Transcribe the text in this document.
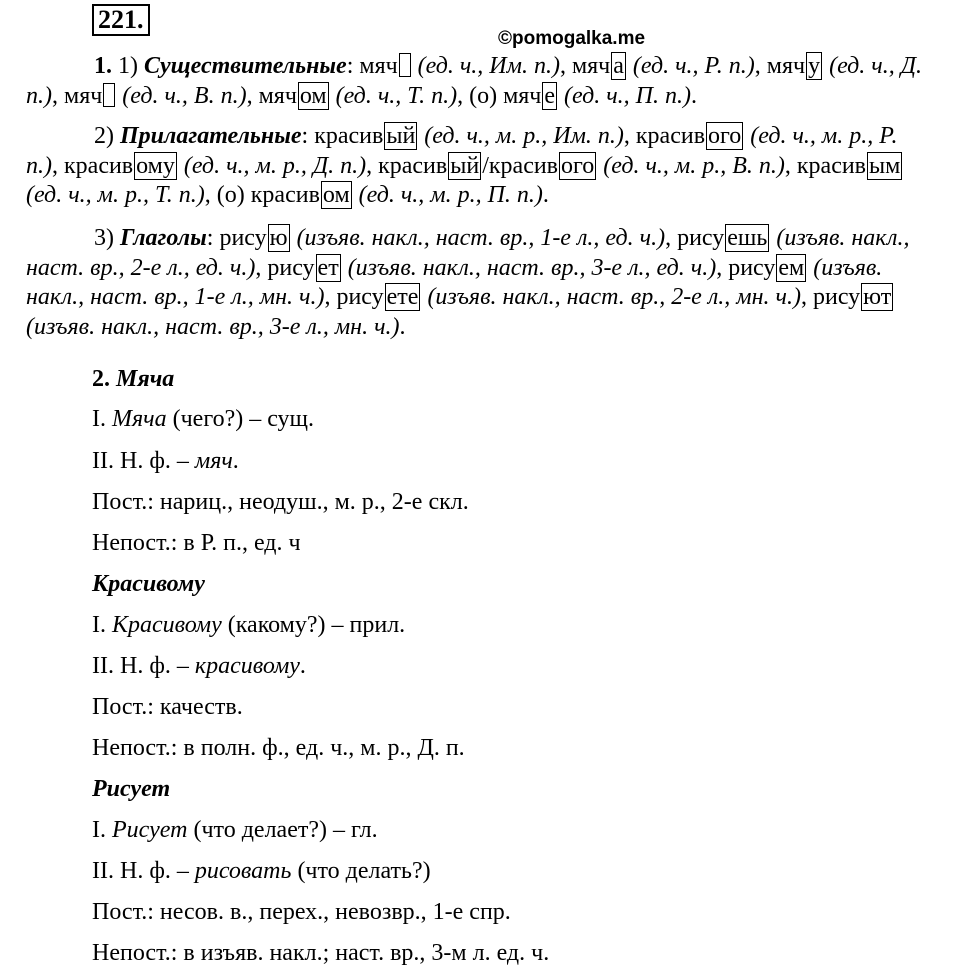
221.
©pomogalka.me
1. 1) Существительные: мяч (ед. ч., Им. п.), мяч а (ед. ч., Р. п.), мяч у (ед. ч., Д. п.), мяч (ед. ч., В. п.), мяч ом (ед. ч., Т. п.), (о) мяч е (ед. ч., П. п.).
2) Прилагательные: красив ый (ед. ч., м. р., Им. п.), красив ого (ед. ч., м. р., Р. п.), красив ому (ед. ч., м. р., Д. п.), красив ый /красив ого (ед. ч., м. р., В. п.), красив ым (ед. ч., м. р., Т. п.), (о) красив ом (ед. ч., м. р., П. п.).
3) Глаголы: рису ю (изъяв. накл., наст. вр., 1-е л., ед. ч.), рису ешь (изъяв. накл., наст. вр., 2-е л., ед. ч.), рису ет (изъяв. накл., наст. вр., 3-е л., ед. ч.), рису ем (изъяв. накл., наст. вр., 1-е л., мн. ч.), рису ете (изъяв. накл., наст. вр., 2-е л., мн. ч.), рису ют (изъяв. накл., наст. вр., 3-е л., мн. ч.).
2. Мяча
I. Мяча (чего?) – сущ.
II. Н. ф. – мяч.
Пост.: нариц., неодуш., м. р., 2-е скл.
Непост.: в Р. п., ед. ч
Красивому
I. Красивому (какому?) – прил.
II. Н. ф. – красивому.
Пост.: качеств.
Непост.: в полн. ф., ед. ч., м. р., Д. п.
Рисует
I. Рисует (что делает?) – гл.
II. Н. ф. – рисовать (что делать?)
Пост.: несов. в., перех., невозвр., 1-е спр.
Непост.: в изъяв. накл.; наст. вр., 3-м л. ед. ч.
